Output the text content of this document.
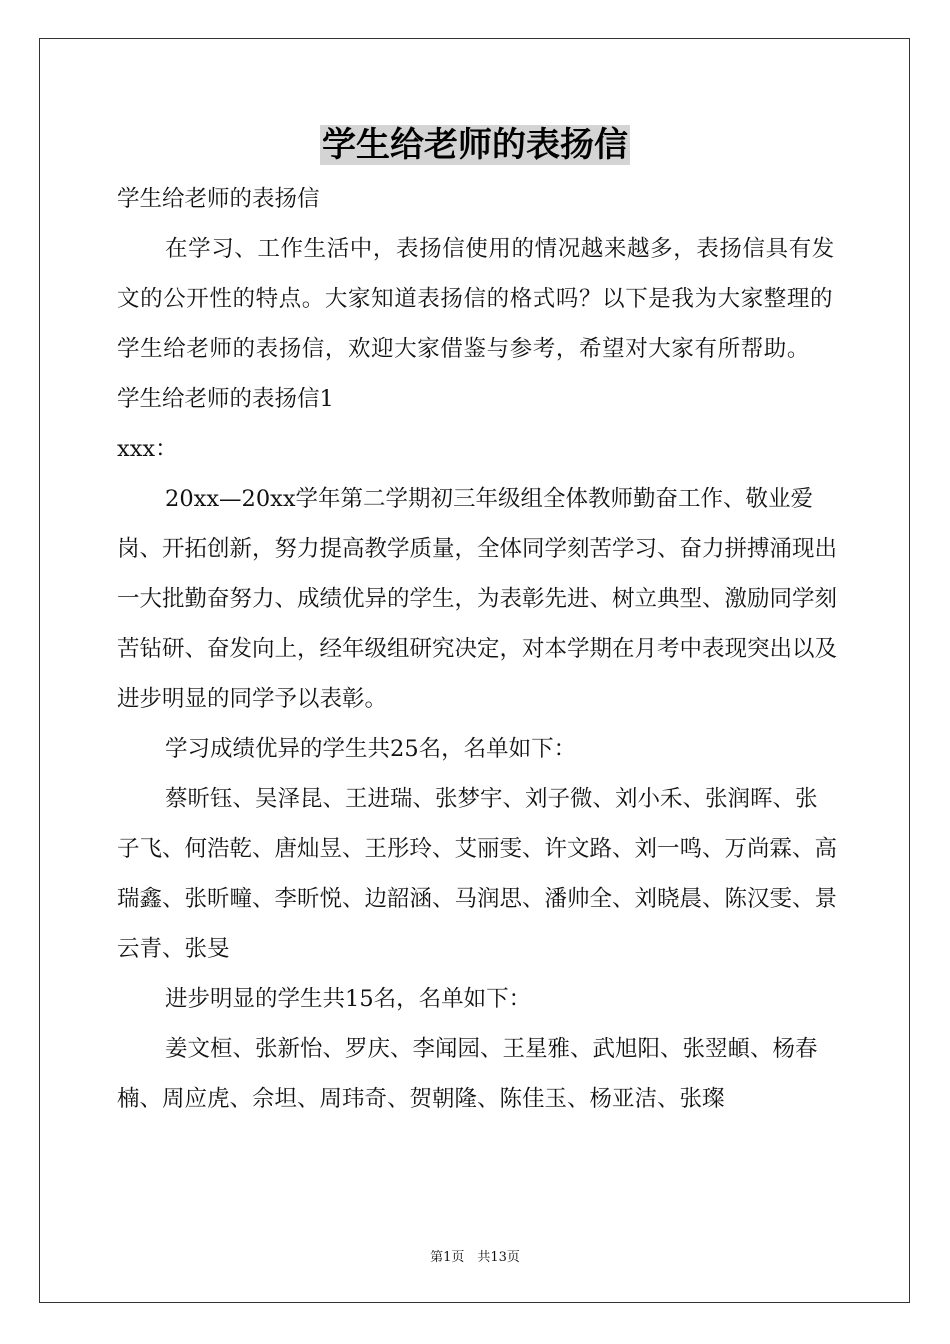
学生给老师的表扬信

学生给老师的表扬信

在学习、工作生活中，表扬信使用的情况越来越多，表扬信具有发文的公开性的特点。大家知道表扬信的格式吗？以下是我为大家整理的学生给老师的表扬信，欢迎大家借鉴与参考，希望对大家有所帮助。

学生给老师的表扬信1

xxx：

20xx—20xx学年第二学期初三年级组全体教师勤奋工作、敬业爱岗、开拓创新，努力提高教学质量，全体同学刻苦学习、奋力拼搏涌现出一大批勤奋努力、成绩优异的学生，为表彰先进、树立典型、激励同学刻苦钻研、奋发向上，经年级组研究决定，对本学期在月考中表现突出以及进步明显的同学予以表彰。

学习成绩优异的学生共25名，名单如下：

蔡昕钰、吴泽昆、王进瑞、张梦宇、刘子微、刘小禾、张润晖、张子飞、何浩乾、唐灿昱、王彤玲、艾丽雯、许文路、刘一鸣、万尚霖、高瑞鑫、张昕疃、李昕悦、边韶涵、马润思、潘帅全、刘晓晨、陈汉雯、景云青、张旻

进步明显的学生共15名，名单如下：

姜文桓、张新怡、罗庆、李闻园、王星雅、武旭阳、张翌頔、杨春楠、周应虎、佘坦、周玮奇、贺朝隆、陈佳玉、杨亚洁、张璨

第1页　共13页
